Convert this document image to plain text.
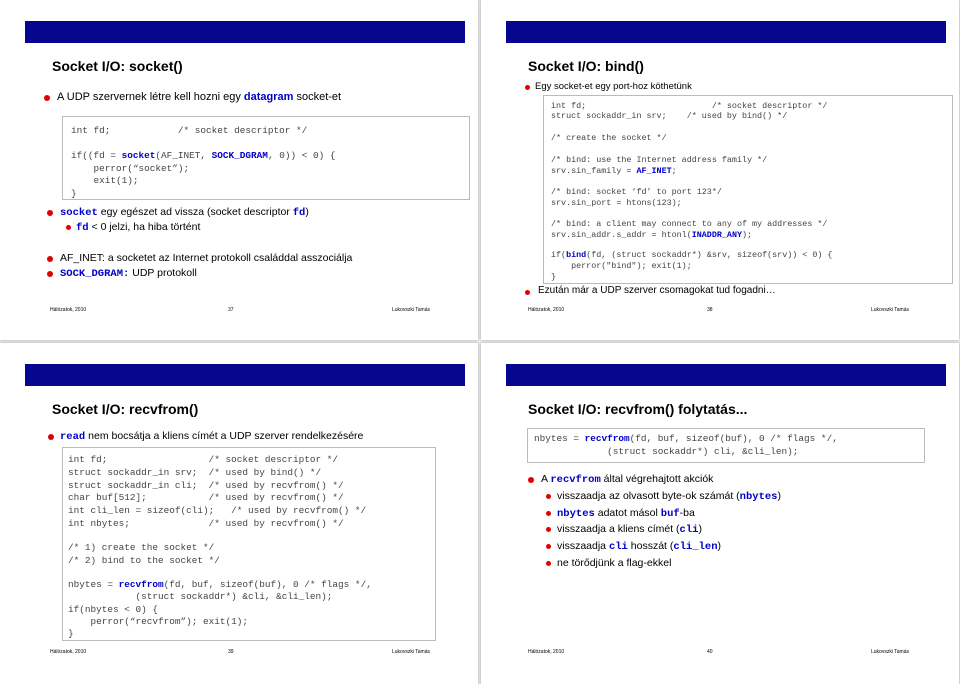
Socket I/O: socket()
A UDP szervernek létre kell hozni egy datagram socket-et
int fd;            /* socket descriptor */
if((fd = socket(AF_INET, SOCK_DGRAM, 0)) < 0) {
perror(“socket”);
exit(1);
}
socket egy egészet ad vissza (socket descriptor fd)
fd < 0 jelzi, ha hiba történt
AF_INET: a socketet az Internet protokoll családdal asszociálja
SOCK_DGRAM: UDP protokoll
Hálózatok, 2010	37	Lukovszki Tamás
Socket I/O: bind()
Egy socket-et egy port-hoz köthetünk
int fd;                         /* socket descriptor */
struct sockaddr_in srv;    /* used by bind() */
/* create the socket */
/* bind: use the Internet address family */
srv.sin_family = AF_INET;
/* bind: socket ‘fd’ to port 123*/
srv.sin_port = htons(123);
/* bind: a client may connect to any of my addresses */
srv.sin_addr.s_addr = htonl(INADDR_ANY);
if(bind(fd, (struct sockaddr*) &srv, sizeof(srv)) < 0) {
perror("bind"); exit(1);
}
Ezután már a UDP szerver csomagokat tud fogadni…
Hálózatok, 2010	38	Lukovszki Tamás
Socket I/O: recvfrom()
read nem bocsátja a kliens címét a UDP szerver rendelkezésére
int fd;                  /* socket descriptor */
struct sockaddr_in srv;  /* used by bind() */
struct sockaddr_in cli;  /* used by recvfrom() */
char buf[512];           /* used by recvfrom() */
int cli_len = sizeof(cli);   /* used by recvfrom() */
int nbytes;              /* used by recvfrom() */
/* 1) create the socket */
/* 2) bind to the socket */
nbytes = recvfrom(fd, buf, sizeof(buf), 0 /* flags */,
(struct sockaddr*) &cli, &cli_len);
if(nbytes < 0) {
perror(“recvfrom”); exit(1);
}
Hálózatok, 2010	39	Lukovszki Tamás
Socket I/O: recvfrom() folytatás...
nbytes = recvfrom(fd, buf, sizeof(buf), 0 /* flags */,
(struct sockaddr*) cli, &cli_len);
A recvfrom által végrehajtott akciók
visszaadja az olvasott byte-ok számát (nbytes)
nbytes adatot másol buf-ba
visszaadja a kliens címét (cli)
visszaadja cli hosszát (cli_len)
ne törődjünk a flag-ekkel
Hálózatok, 2010	40	Lukovszki Tamás
